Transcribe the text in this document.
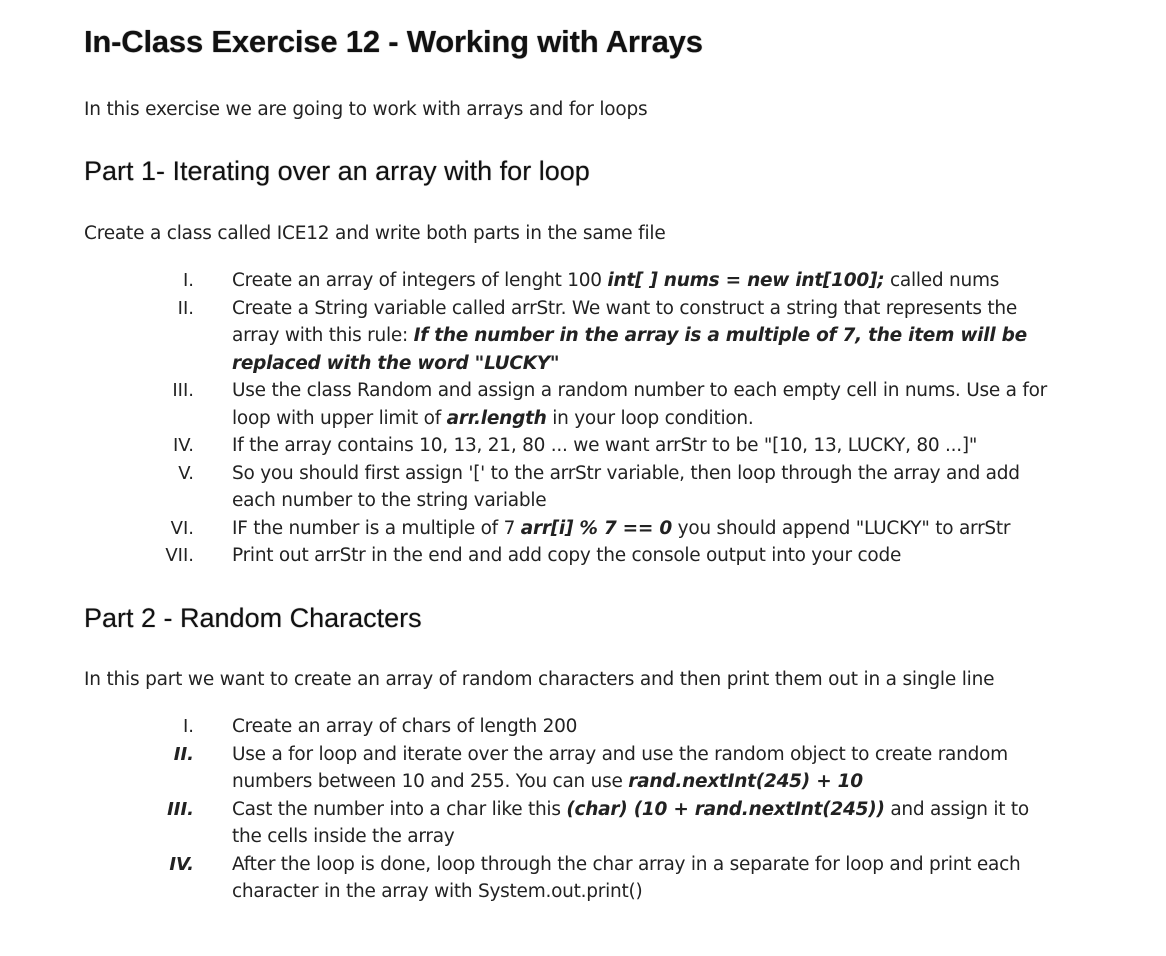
In-Class Exercise 12 - Working with Arrays

In this exercise we are going to work with arrays and for loops

Part 1- Iterating over an array with for loop

Create a class called ICE12 and write both parts in the same file

I. Create an array of integers of lenght 100 int[ ] nums = new int[100]; called nums
II. Create a String variable called arrStr. We want to construct a string that represents the array with this rule: If the number in the array is a multiple of 7, the item will be replaced with the word "LUCKY"
III. Use the class Random and assign a random number to each empty cell in nums. Use a for loop with upper limit of arr.length in your loop condition.
IV. If the array contains 10, 13, 21, 80 ... we want arrStr to be "[10, 13, LUCKY, 80 ...]"
V. So you should first assign '[' to the arrStr variable, then loop through the array and add each number to the string variable
VI. IF the number is a multiple of 7 arr[i] % 7 == 0 you should append "LUCKY" to arrStr
VII. Print out arrStr in the end and add copy the console output into your code
Part 2 - Random Characters

In this part we want to create an array of random characters and then print them out in a single line

I. Create an array of chars of length 200
II. Use a for loop and iterate over the array and use the random object to create random numbers between 10 and 255. You can use rand.nextInt(245) + 10
III. Cast the number into a char like this (char) (10 + rand.nextInt(245)) and assign it to the cells inside the array
IV. After the loop is done, loop through the char array in a separate for loop and print each character in the array with System.out.print()
